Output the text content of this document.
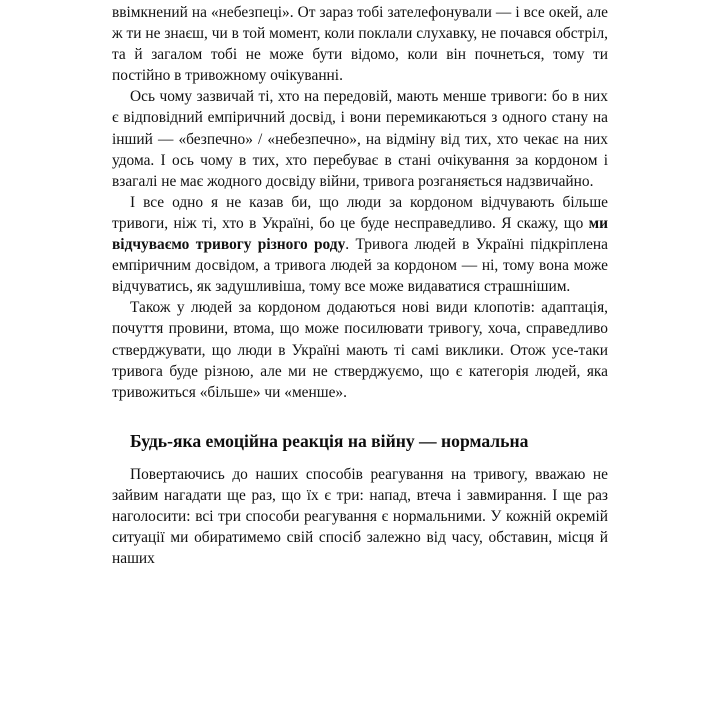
ввімкнений на «небезпеці». От зараз тобі зателефонували — і все окей, але ж ти не знаєш, чи в той момент, коли поклали слухавку, не почався обстріл, та й загалом тобі не може бути відомо, коли він почнеться, тому ти постійно в тривожному очікуванні.

Ось чому зазвичай ті, хто на передовій, мають менше тривоги: бо в них є відповідний емпіричний досвід, і вони перемикаються з одного стану на інший — «безпечно» / «небезпечно», на відміну від тих, хто чекає на них удома. І ось чому в тих, хто перебуває в стані очікування за кордоном і взагалі не має жодного досвіду війни, тривога розганяється надзвичайно.

І все одно я не казав би, що люди за кордоном відчувають більше тривоги, ніж ті, хто в Україні, бо це буде несправедливо. Я скажу, що ми відчуваємо тривогу різного роду. Тривога людей в Україні підкріплена емпіричним досвідом, а тривога людей за кордоном — ні, тому вона може відчуватись, як задушливіша, тому все може видаватися страшнішим.

Також у людей за кордоном додаються нові види клопотів: адаптація, почуття провини, втома, що може посилювати тривогу, хоча, справедливо стверджувати, що люди в Україні мають ті самі виклики. Отож усе-таки тривога буде різною, але ми не стверджуємо, що є категорія людей, яка тривожиться «більше» чи «менше».

Будь-яка емоційна реакція на війну — нормальна

Повертаючись до наших способів реагування на тривогу, вважаю не зайвим нагадати ще раз, що їх є три: напад, втеча і завмирання. І ще раз наголосити: всі три способи реагування є нормальними. У кожній окремій ситуації ми обиратимемо свій спосіб залежно від часу, обставин, місця й наших
